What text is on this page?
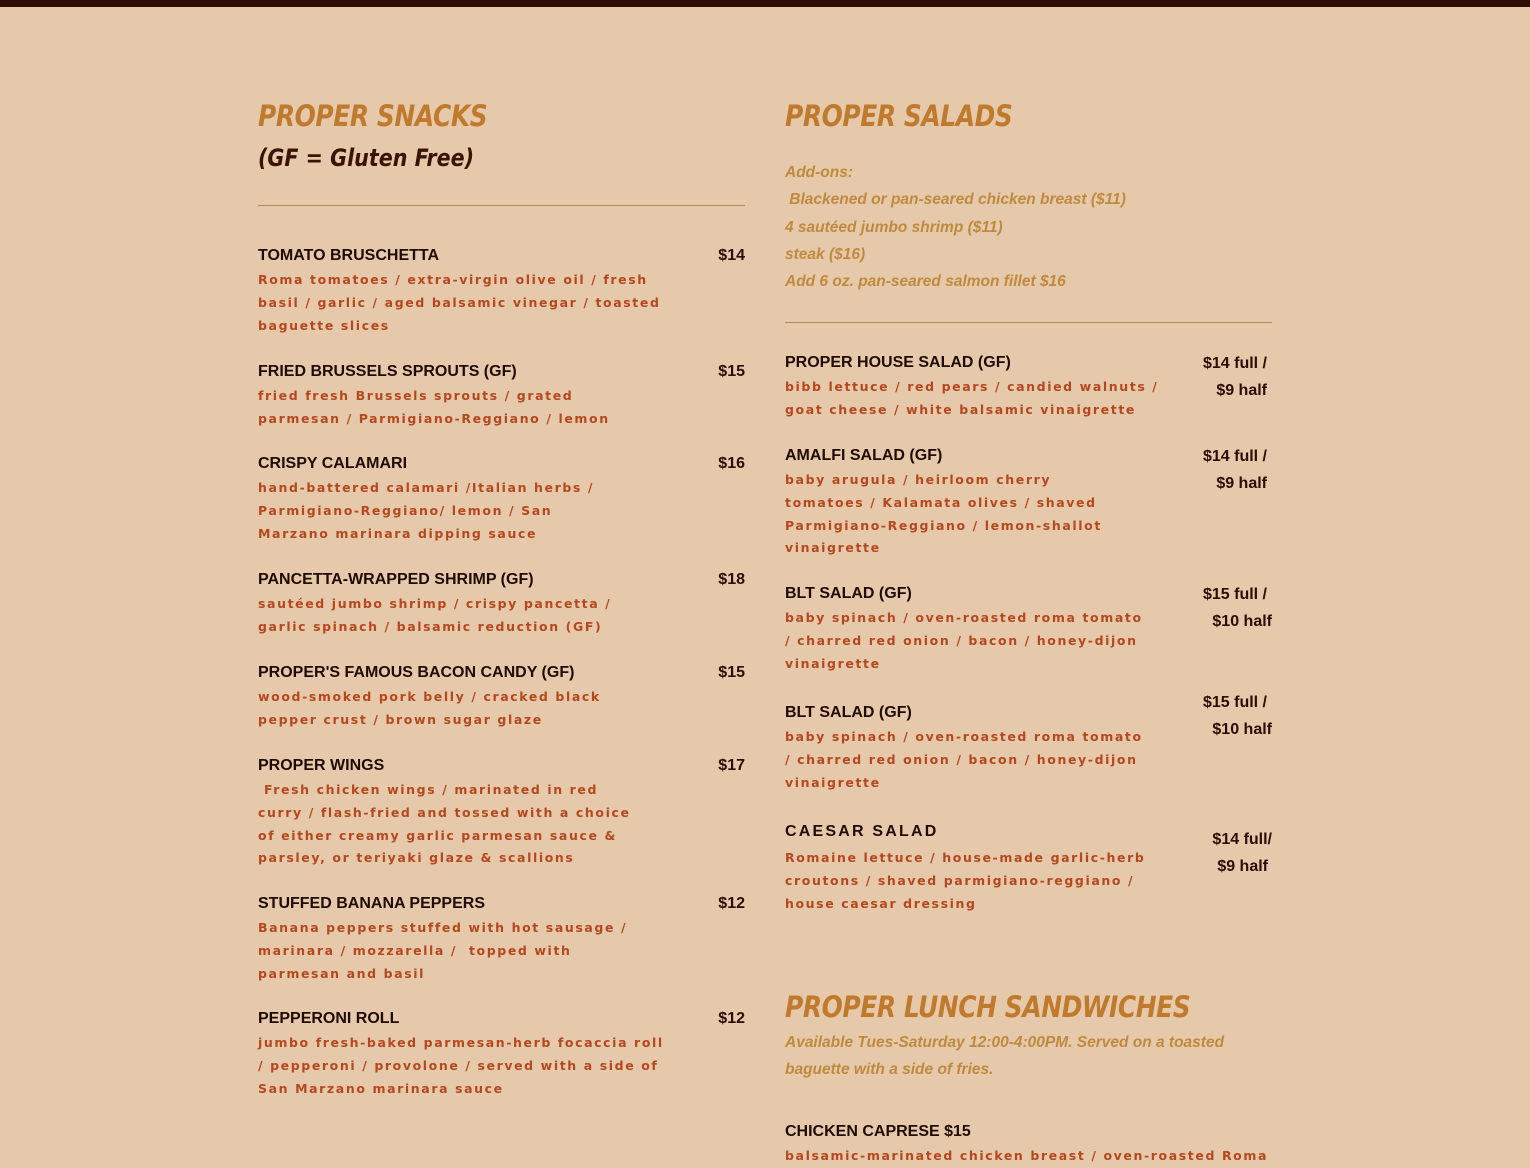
PROPER SNACKS
(GF = Gluten Free)
TOMATO BRUSCHETTA	$14
Roma tomatoes / extra-virgin olive oil / fresh basil / garlic / aged balsamic vinegar / toasted baguette slices
FRIED BRUSSELS SPROUTS (GF)	$15
fried fresh Brussels sprouts / grated parmesan / Parmigiano-Reggiano / lemon
CRISPY CALAMARI	$16
hand-battered calamari /Italian herbs / Parmigiano-Reggiano/ lemon / San Marzano marinara dipping sauce
PANCETTA-WRAPPED SHRIMP (GF)	$18
sautéed jumbo shrimp / crispy pancetta / garlic spinach / balsamic reduction (GF)
PROPER'S FAMOUS BACON CANDY (GF)	$15
wood-smoked pork belly / cracked black pepper crust / brown sugar glaze
PROPER WINGS	$17
Fresh chicken wings / marinated in red curry / flash-fried and tossed with a choice of either creamy garlic parmesan sauce & parsley, or teriyaki glaze & scallions
STUFFED BANANA PEPPERS	$12
Banana peppers stuffed with hot sausage / marinara / mozzarella /  topped with parmesan and basil
PEPPERONI ROLL	$12
jumbo fresh-baked parmesan-herb focaccia roll / pepperoni / provolone / served with a side of San Marzano marinara sauce
PROPER SALADS
Add-ons:
Blackened or pan-seared chicken breast ($11)
4 sautéed jumbo shrimp ($11)
steak ($16)
Add 6 oz. pan-seared salmon fillet $16
PROPER HOUSE SALAD (GF)	$14 full /
$9 half
bibb lettuce / red pears / candied walnuts / goat cheese / white balsamic vinaigrette
AMALFI SALAD (GF)	$14 full /
$9 half
baby arugula / heirloom cherry tomatoes / Kalamata olives / shaved Parmigiano-Reggiano / lemon-shallot vinaigrette
BLT SALAD (GF)	$15 full /
$10 half
baby spinach / oven-roasted roma tomato / charred red onion / bacon / honey-dijon vinaigrette
BLT SALAD (GF)
$15 full /
$10 half
baby spinach / oven-roasted roma tomato / charred red onion / bacon / honey-dijon vinaigrette
CAESAR SALAD	$14 full/
$9 half
Romaine lettuce / house-made garlic-herb croutons / shaved parmigiano-reggiano / house caesar dressing
PROPER LUNCH SANDWICHES
Available Tues-Saturday 12:00-4:00PM. Served on a toasted baguette with a side of fries.
CHICKEN CAPRESE $15
balsamic-marinated chicken breast / oven-roasted Roma
